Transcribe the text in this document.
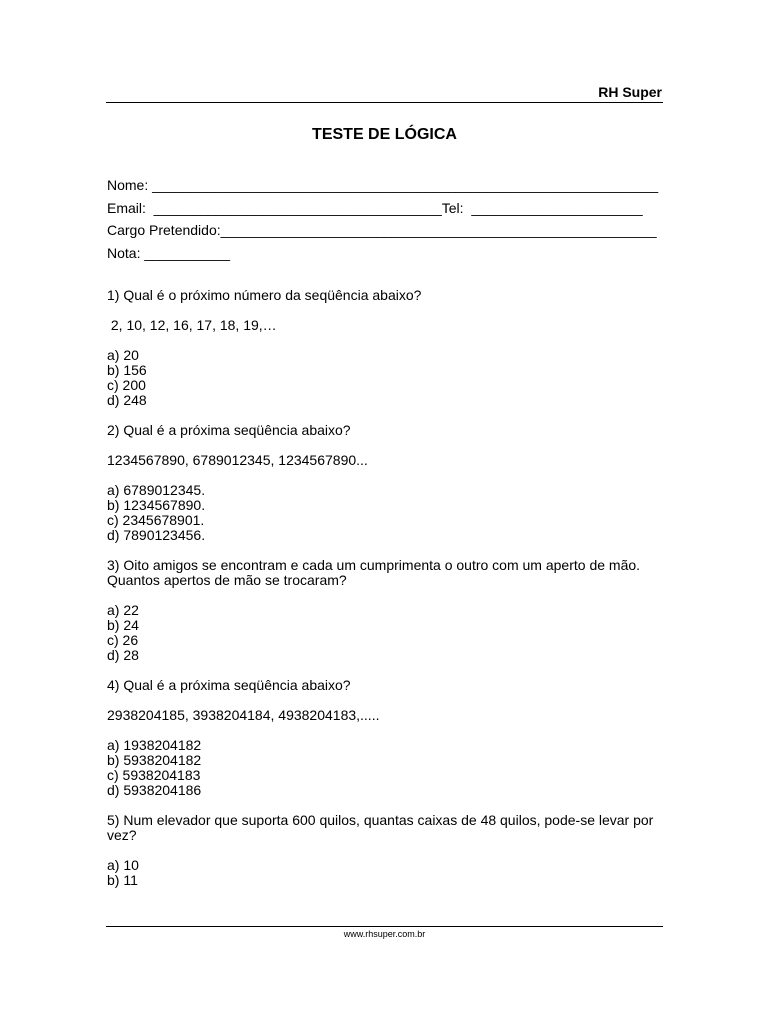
RH Super
TESTE DE LÓGICA
Nome: _________________________________________________________________
Email:  _____________________________________Tel:  ______________________
Cargo Pretendido:________________________________________________________
Nota: ___________

1) Qual é o próximo número da seqüência abaixo?

2, 10, 12, 16, 17, 18, 19,…

a) 20
b) 156
c) 200
d) 248

2) Qual é a próxima seqüência abaixo?

1234567890, 6789012345, 1234567890...

a) 6789012345.
b) 1234567890.
c) 2345678901.
d) 7890123456.

3) Oito amigos se encontram e cada um cumprimenta o outro com um aperto de mão. Quantos apertos de mão se trocaram?

a) 22
b) 24
c) 26
d) 28

4) Qual é a próxima seqüência abaixo?

2938204185, 3938204184, 4938204183,.....

a) 1938204182
b) 5938204182
c) 5938204183
d) 5938204186

5) Num elevador que suporta 600 quilos, quantas caixas de 48 quilos, pode-se levar por vez?

a) 10
b) 11
www.rhsuper.com.br
